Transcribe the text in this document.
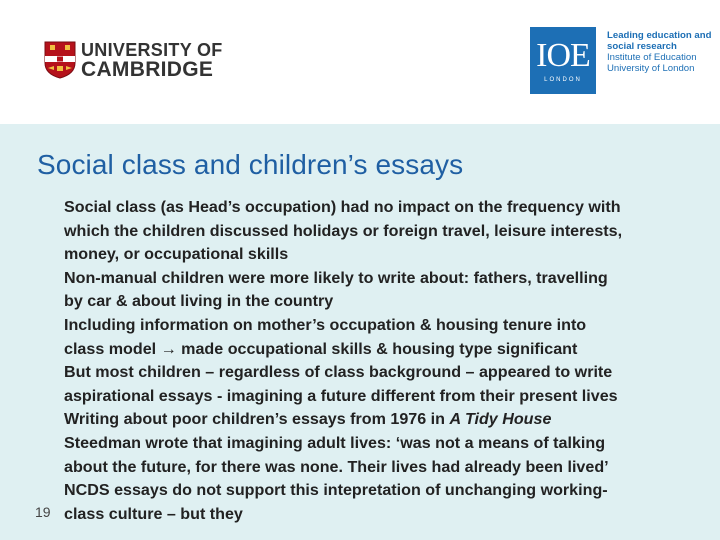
UNIVERSITY OF
CAMBRIDGE	IOE
LONDON
Leading education and social research
Institute of Education University of London
Social class and children’s essays
Social class (as Head’s occupation) had no impact on the frequency with
which the children discussed holidays or foreign travel, leisure interests,
money, or occupational skills
Non-manual children were more likely to write about: fathers, travelling
by car & about living in the country
Including information on mother’s occupation & housing tenure into
class model → made occupational skills & housing type significant
But most children – regardless of class background – appeared to write
aspirational essays - imagining a future different from their present lives
Writing about poor children’s essays from 1976 in A Tidy House
Steedman wrote that imagining adult lives: ‘was not a means of talking
about the future, for there was none. Their lives had already been lived’
NCDS essays do not support this intepretation of unchanging working-
class culture – but they
19
